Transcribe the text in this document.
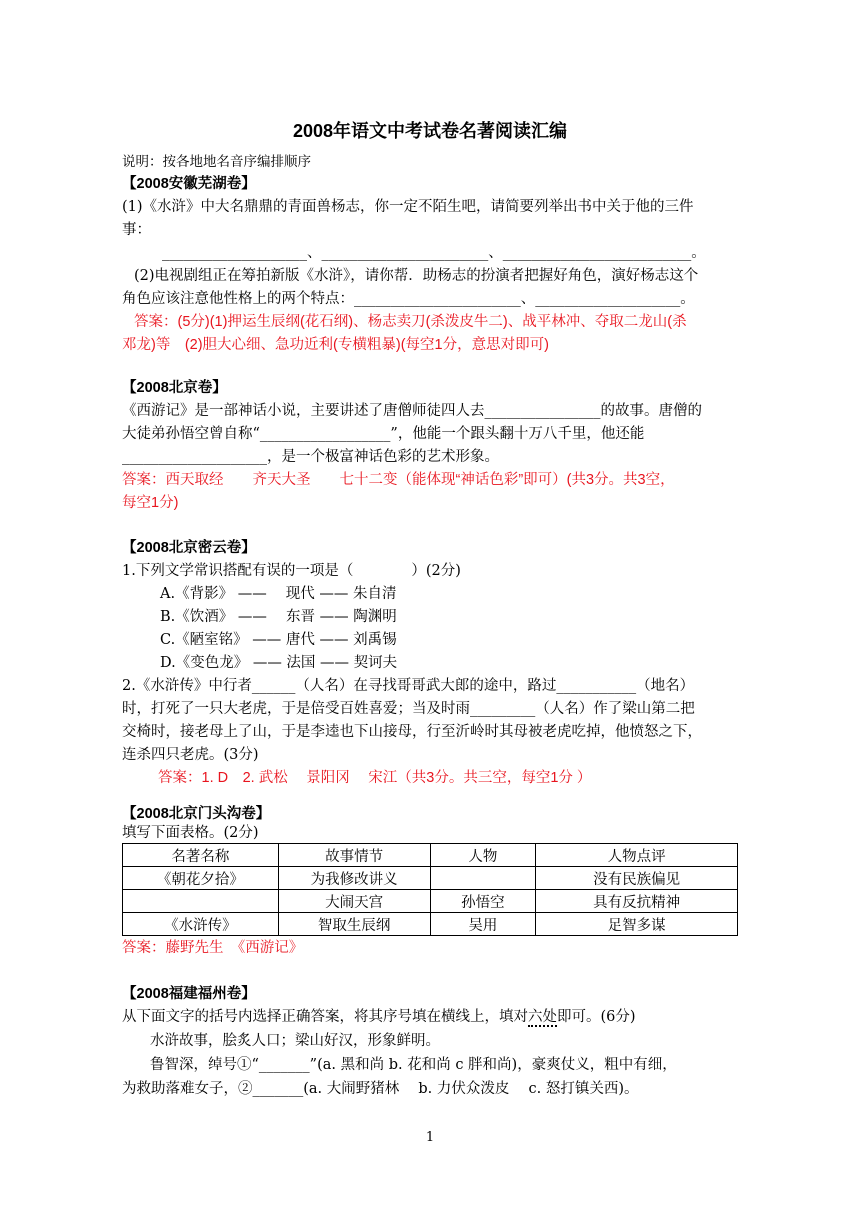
2008年语文中考试卷名著阅读汇编
说明：按各地地名音序编排顺序
【2008安徽芜湖卷】
(1)《水浒》中大名鼎鼎的青面兽杨志，你一定不陌生吧，请简要列举出书中关于他的三件
事：
____________________、_______________________、__________________________。
(2)电视剧组正在筹拍新版《水浒》，请你帮．助杨志的扮演者把握好角色，演好杨志这个
角色应该注意他性格上的两个特点：_______________________、____________________。
答案：(5分)(1)押运生辰纲(花石纲)、杨志卖刀(杀泼皮牛二)、战平林冲、夺取二龙山(杀
邓龙)等　(2)胆大心细、急功近利(专横粗暴)(每空1分，意思对即可)
【2008北京卷】
《西游记》是一部神话小说，主要讲述了唐僧师徒四人去________________的故事。唐僧的
大徒弟孙悟空曾自称“__________________”，他能一个跟头翻十万八千里，他还能
____________________，是一个极富神话色彩的艺术形象。
答案：西天取经　　齐天大圣　　七十二变（能体现“神话色彩”即可）(共3分。共3空，
每空1分)
【2008北京密云卷】
1.下列文学常识搭配有误的一项是（　　　　）(2分)
A.《背影》 ——　 现代 —— 朱自清
B.《饮酒》 ——　 东晋 —— 陶渊明
C.《陋室铭》 —— 唐代 —— 刘禹锡
D.《变色龙》 —— 法国 —— 契诃夫
2.《水浒传》中行者______（人名）在寻找哥哥武大郎的途中，路过___________（地名）
时，打死了一只大老虎，于是倍受百姓喜爱；当及时雨_________（人名）作了梁山第二把
交椅时，接老母上了山，于是李逵也下山接母，行至沂岭时其母被老虎吃掉，他愤怒之下，
连杀四只老虎。(3分)
答案：1. D　2. 武松　 景阳冈　 宋江（共3分。共三空，每空1分 ）
【2008北京门头沟卷】
填写下面表格。(2分)
名著名称	故事情节	人物	人物点评
《朝花夕拾》	为我修改讲义		没有民族偏见
	大闹天宫	孙悟空	具有反抗精神
《水浒传》	智取生辰纲	吴用	足智多谋
答案：藤野先生　《西游记》
【2008福建福州卷】
从下面文字的括号内选择正确答案，将其序号填在横线上，填对六处即可。(6分)
水浒故事，脍炙人口；梁山好汉，形象鲜明。
鲁智深，绰号①“_______”(a. 黑和尚 b. 花和尚 c 胖和尚)，豪爽仗义，粗中有细，
为救助落难女子，②_______(a. 大闹野猪林　 b. 力伏众泼皮　 c. 怒打镇关西)。
1
